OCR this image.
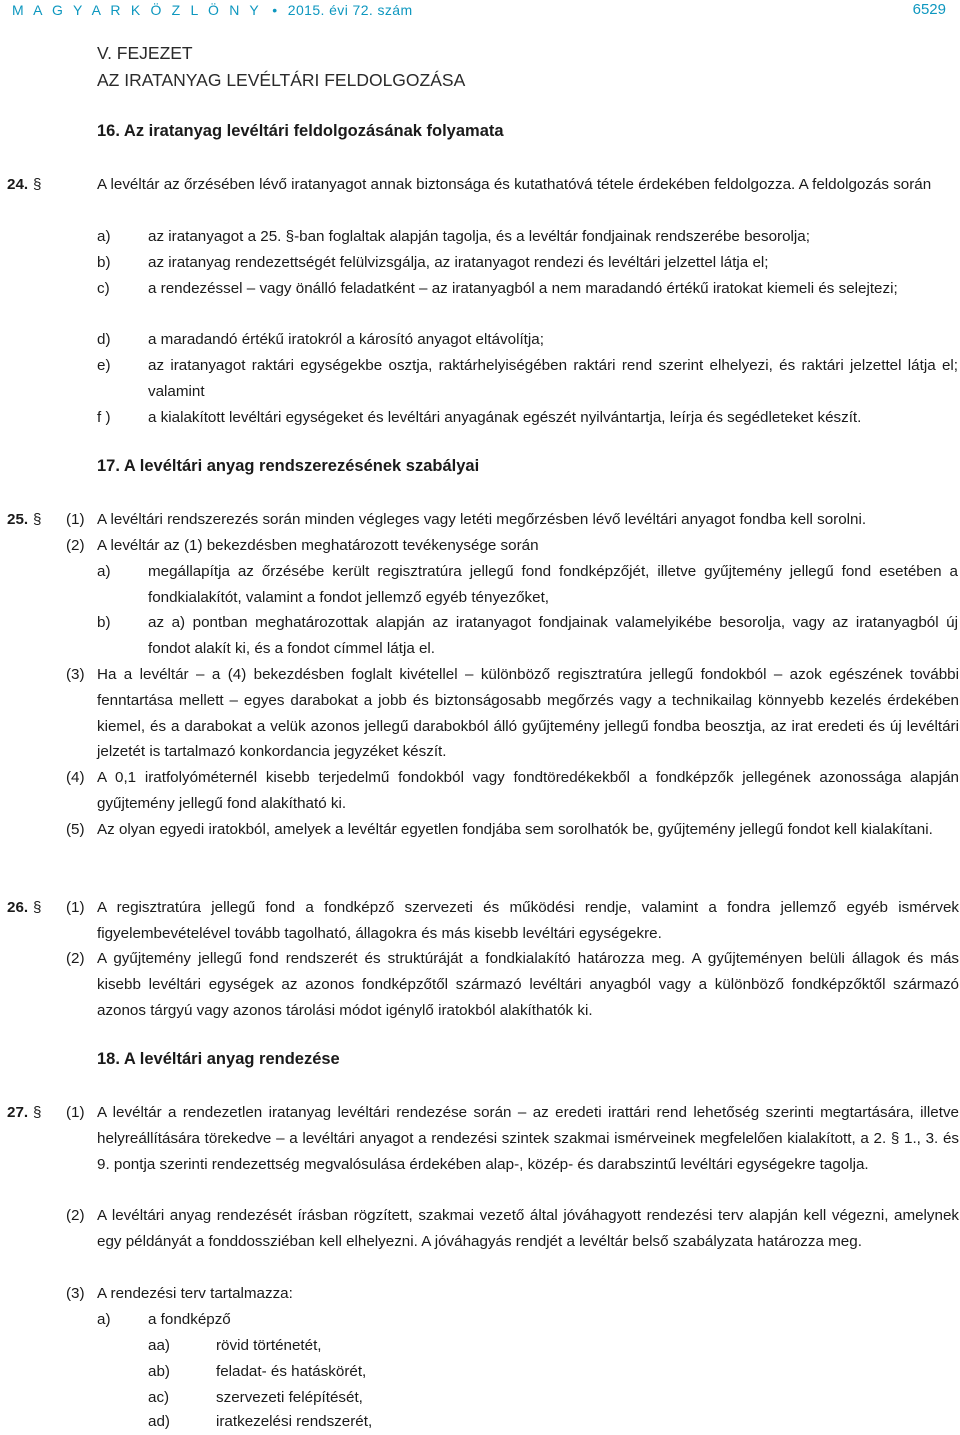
M A G Y A R K Ö Z L Ö N Y • 2015. évi 72. szám	6529
V. FEJEZET
AZ IRATANYAG LEVÉLTÁRI FELDOLGOZÁSA
16. Az iratanyag levéltári feldolgozásának folyamata
24. §	A levéltár az őrzésében lévő iratanyagot annak biztonsága és kutathatóvá tétele érdekében feldolgozza. A feldolgozás során
a) az iratanyagot a 25. §-ban foglaltak alapján tagolja, és a levéltár fondjainak rendszerébe besorolja;
b) az iratanyag rendezettségét felülvizsgálja, az iratanyagot rendezi és levéltári jelzettel látja el;
c)	a rendezéssel – vagy önálló feladatként – az iratanyagból a nem maradandó értékű iratokat kiemeli és selejtezi;
d) a maradandó értékű iratokról a károsító anyagot eltávolítja;
e) az iratanyagot raktári egységekbe osztja, raktárhelyiségében raktári rend szerint elhelyezi, és raktári jelzettel látja el; valamint
f ) a kialakított levéltári egységeket és levéltári anyagának egészét nyilvántartja, leírja és segédleteket készít.
17. A levéltári anyag rendszerezésének szabályai
25. § (1) A levéltári rendszerezés során minden végleges vagy letéti megőrzésben lévő levéltári anyagot fondba kell sorolni.
(2) A levéltár az (1) bekezdésben meghatározott tevékenysége során
a) megállapítja az őrzésébe került regisztratúra jellegű fond fondképzőjét, illetve gyűjtemény jellegű fond esetében a fondkialakítót, valamint a fondot jellemző egyéb tényezőket,
b) az a) pontban meghatározottak alapján az iratanyagot fondjainak valamelyikébe besorolja, vagy az iratanyagból új fondot alakít ki, és a fondot címmel látja el.
(3) Ha a levéltár – a (4) bekezdésben foglalt kivétellel – különböző regisztratúra jellegű fondokból – azok egészének további fenntartása mellett – egyes darabokat a jobb és biztonságosabb megőrzés vagy a technikailag könnyebb kezelés érdekében kiemel, és a darabokat a velük azonos jellegű darabokból álló gyűjtemény jellegű fondba beosztja, az irat eredeti és új levéltári jelzetét is tartalmazó konkordancia jegyzéket készít.
(4) A 0,1 iratfolyóméternél kisebb terjedelmű fondokból vagy fondtöredékekből a fondképzők jellegének azonossága alapján gyűjtemény jellegű fond alakítható ki.
(5) Az olyan egyedi iratokból, amelyek a levéltár egyetlen fondjába sem sorolhatók be, gyűjtemény jellegű fondot kell kialakítani.
26. § (1) A regisztratúra jellegű fond a fondképző szervezeti és működési rendje, valamint a fondra jellemző egyéb ismérvek figyelembevételével tovább tagolható, állagokra és más kisebb levéltári egységekre.
(2) A gyűjtemény jellegű fond rendszerét és struktúráját a fondkialakító határozza meg. A gyűjteményen belüli állagok és más kisebb levéltári egységek az azonos fondképzőtől származó levéltári anyagból vagy a különböző fondképzőktől származó azonos tárgyú vagy azonos tárolási módot igénylő iratokból alakíthatók ki.
18. A levéltári anyag rendezése
27. § (1) A levéltár a rendezetlen iratanyag levéltári rendezése során – az eredeti irattári rend lehetőség szerinti megtartására, illetve helyreállítására törekedve – a levéltári anyagot a rendezési szintek szakmai ismérveinek megfelelően kialakított, a 2. § 1., 3. és 9. pontja szerinti rendezettség megvalósulása érdekében alap-, közép- és darabszintű levéltári egységekre tagolja.
(2) A levéltári anyag rendezését írásban rögzített, szakmai vezető által jóváhagyott rendezési terv alapján kell végezni, amelynek egy példányát a fonddossziéban kell elhelyezni. A jóváhagyás rendjét a levéltár belső szabályzata határozza meg.
(3) A rendezési terv tartalmazza:
a) a fondképző
aa)	rövid történetét,
ab)	feladat- és hatáskörét,
ac)	szervezeti felépítését,
ad)	iratkezelési rendszerét,
